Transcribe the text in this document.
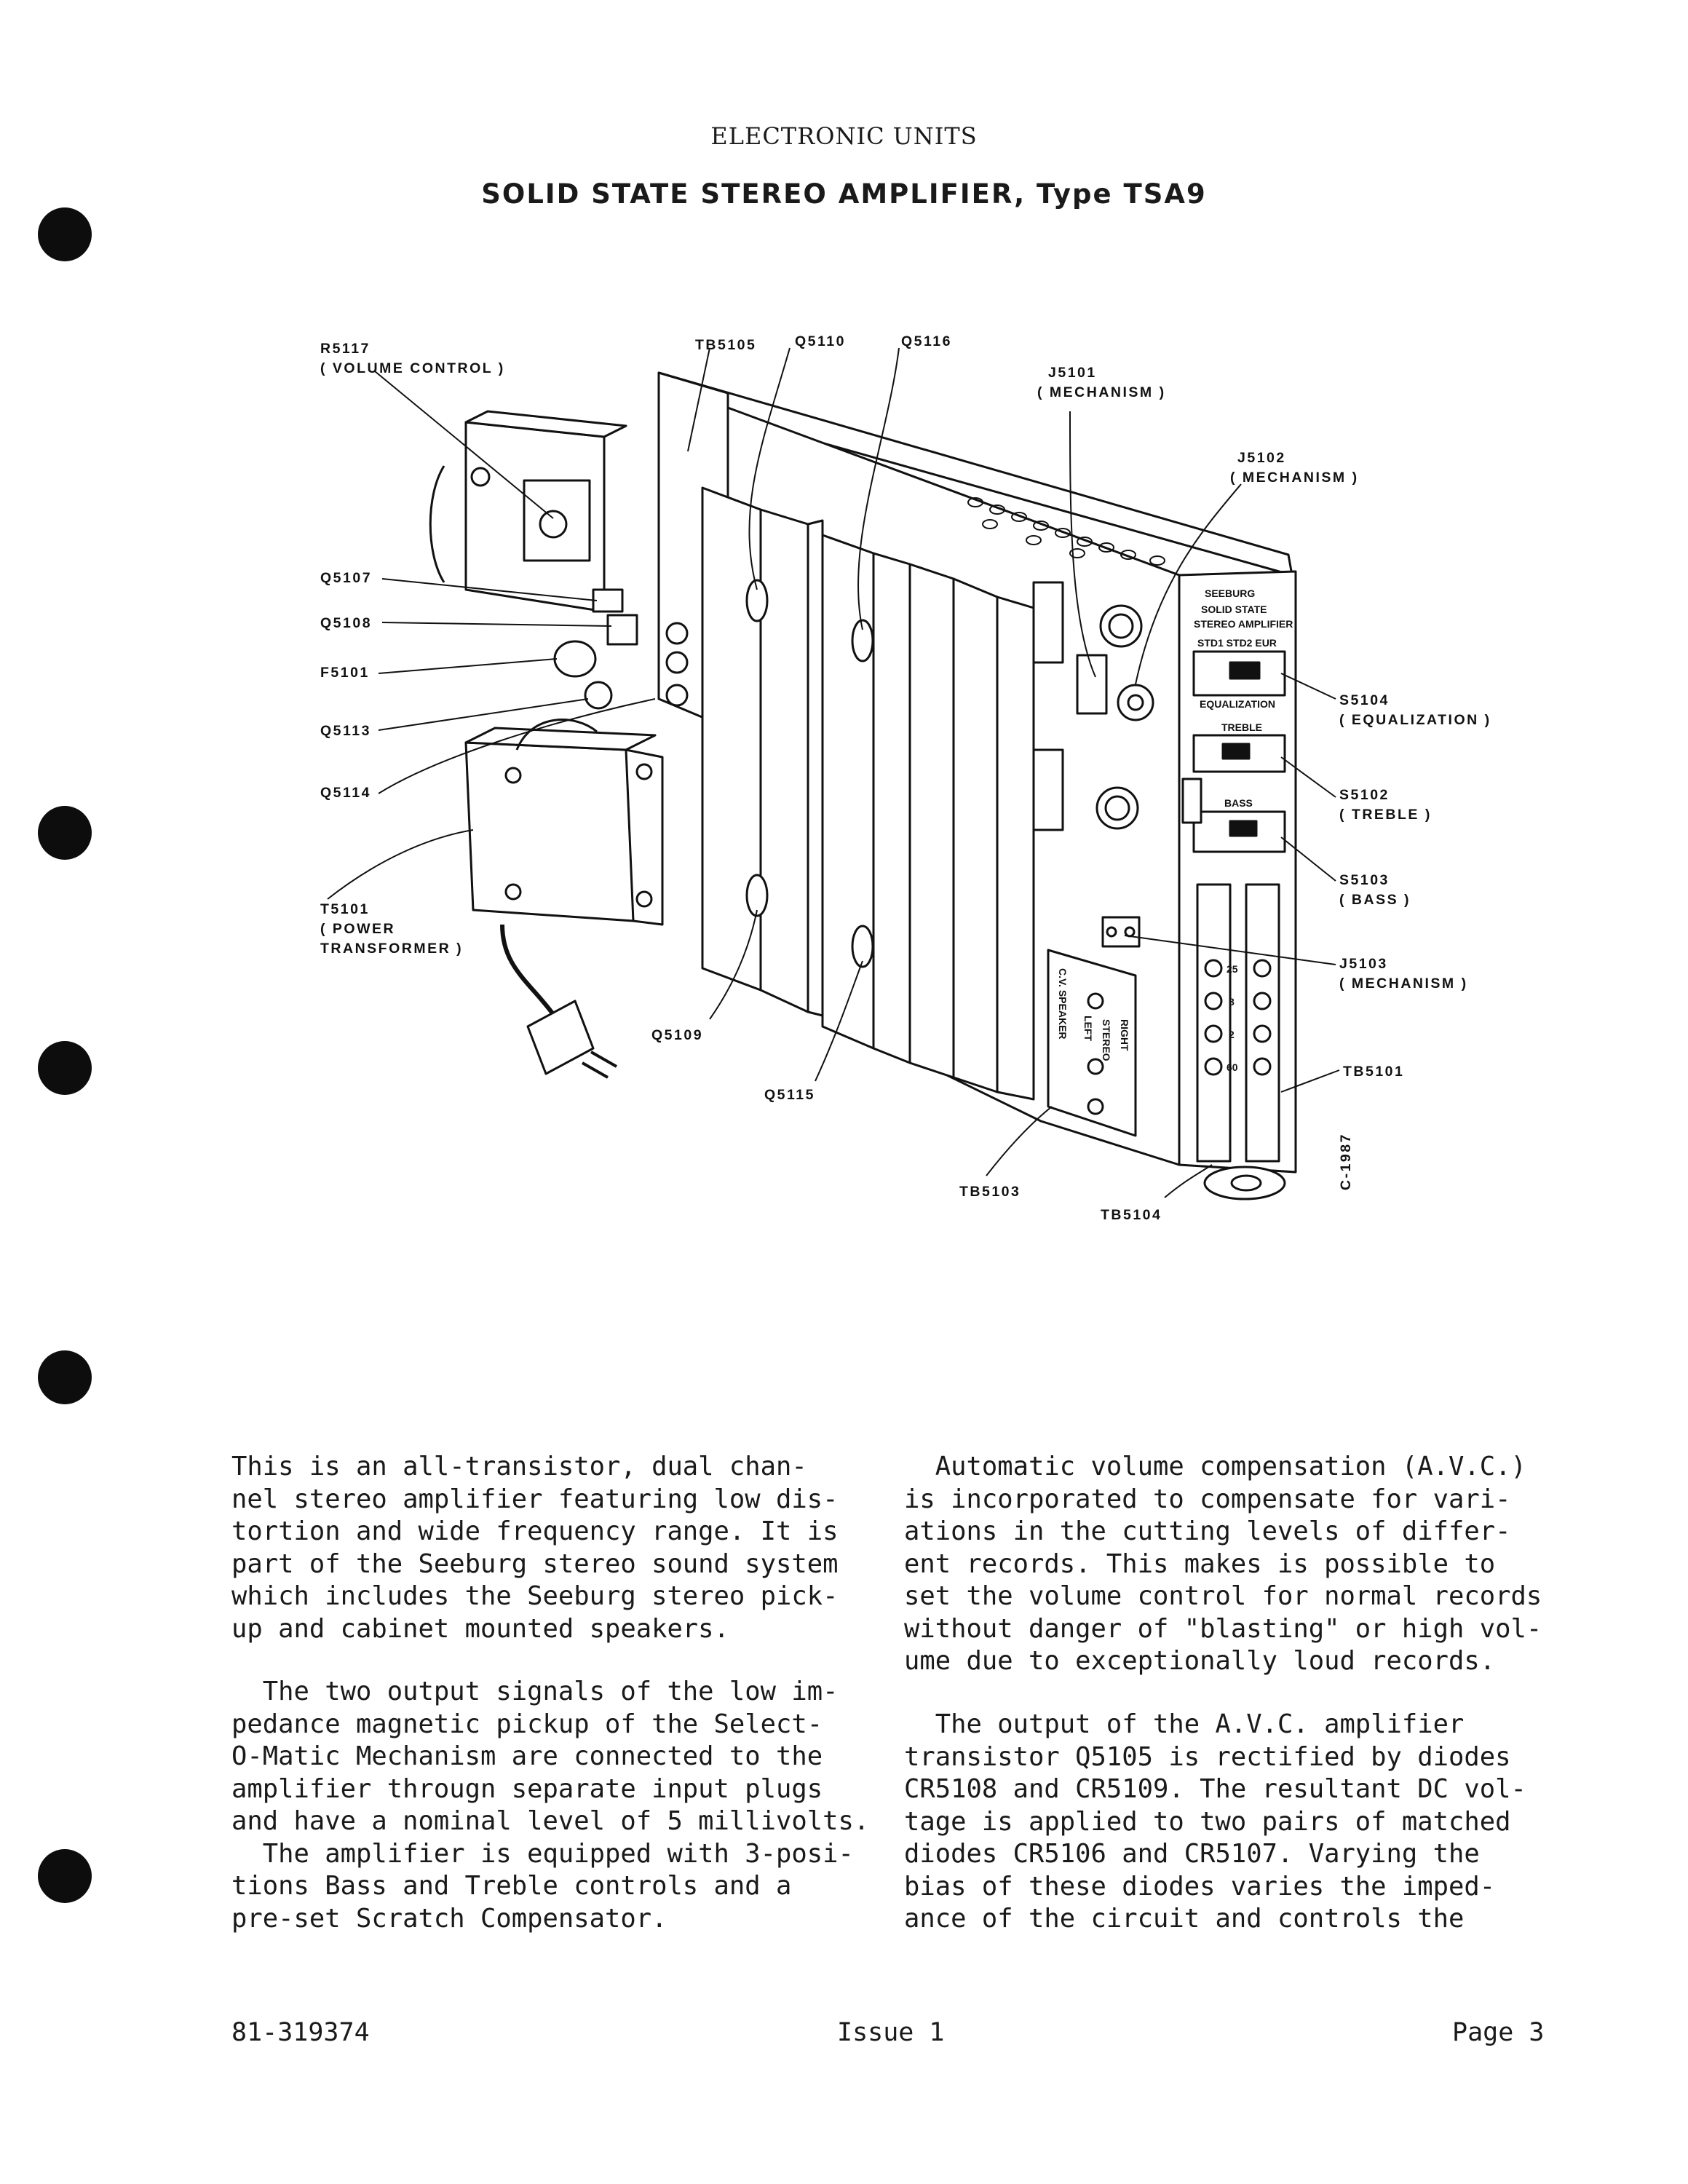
ELECTRONIC UNITS
SOLID STATE STEREO AMPLIFIER, Type TSA9
SEEBURG
SOLID STATE
STEREO AMPLIFIER
STD1 STD2 EUR
EQUALIZATION
TREBLE
BASS
C.V. SPEAKER LEFT STEREO RIGHT
25
8
2
60
R5117
( VOLUME CONTROL )
TB5105	Q5110	Q5116
J5101
( MECHANISM )
J5102
( MECHANISM )
Q5107
Q5108
F5101
Q5113
Q5114
T5101
( POWER
TRANSFORMER )
S5104
( EQUALIZATION )
S5102
( TREBLE )
S5103
( BASS )
J5103
( MECHANISM )
TB5101
Q5109
Q5115
TB5103
TB5104
C-1987
This is an all-transistor, dual chan-
nel stereo amplifier featuring low dis-
tortion and wide frequency range. It is
part of the Seeburg stereo sound system
which includes the Seeburg stereo pick-
up and cabinet mounted speakers.
The two output signals of the low im-
pedance magnetic pickup of the Select-
O-Matic Mechanism are connected to the
amplifier througn separate input plugs
and have a nominal level of 5 millivolts.
The amplifier is equipped with 3-posi-
tions Bass and Treble controls and a
pre-set Scratch Compensator.
Automatic volume compensation (A.V.C.)
is incorporated to compensate for vari-
ations in the cutting levels of differ-
ent records. This makes is possible to
set the volume control for normal records
without danger of "blasting" or high vol-
ume due to exceptionally loud records.
The output of the A.V.C. amplifier
transistor Q5105 is rectified by diodes
CR5108 and CR5109. The resultant DC vol-
tage is applied to two pairs of matched
diodes CR5106 and CR5107. Varying the
bias of these diodes varies the imped-
ance of the circuit and controls the
81-319374	Issue 1	Page 3
